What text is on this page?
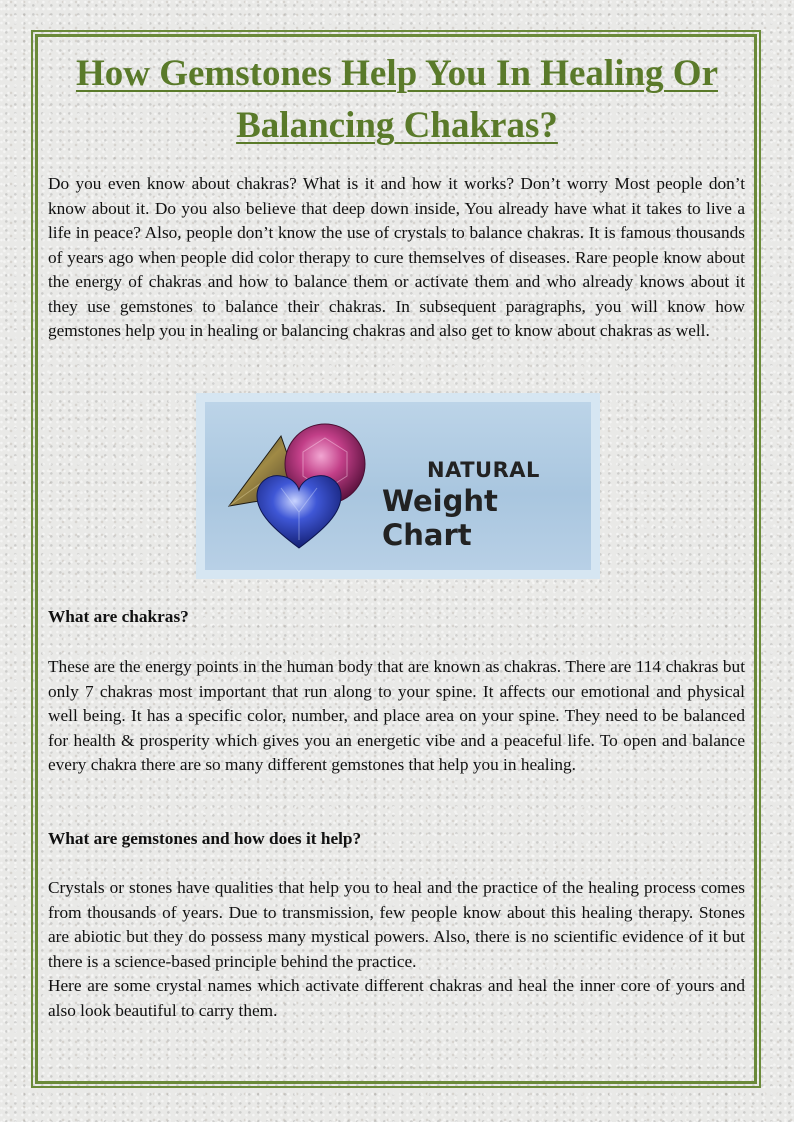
How Gemstones Help You In Healing Or Balancing Chakras?

Do you even know about chakras? What is it and how it works? Don’t worry Most people don’t know about it. Do you also believe that deep down inside, You already have what it takes to live a life in peace? Also, people don’t know the use of crystals to balance chakras. It is famous thousands of years ago when people did color therapy to cure themselves of diseases. Rare people know about the energy of chakras and how to balance them or activate them and who already knows about it they use gemstones to balance their chakras. In subsequent paragraphs, you will know how gemstones help you in healing or balancing chakras and also get to know about chakras as well.

NATURAL
Weight Chart
What are chakras?

These are the energy points in the human body that are known as chakras. There are 114 chakras but only 7 chakras most important that run along to your spine. It affects our emotional and physical well being. It has a specific color, number, and place area on your spine. They need to be balanced for health & prosperity which gives you an energetic vibe and a peaceful life. To open and balance every chakra there are so many different gemstones that help you in healing.

What are gemstones and how does it help?

Crystals or stones have qualities that help you to heal and the practice of the healing process comes from thousands of years. Due to transmission, few people know about this healing therapy. Stones are abiotic but they do possess many mystical powers. Also, there is no scientific evidence of it but there is a science-based principle behind the practice.

Here are some crystal names which activate different chakras and heal the inner core of yours and also look beautiful to carry them.
